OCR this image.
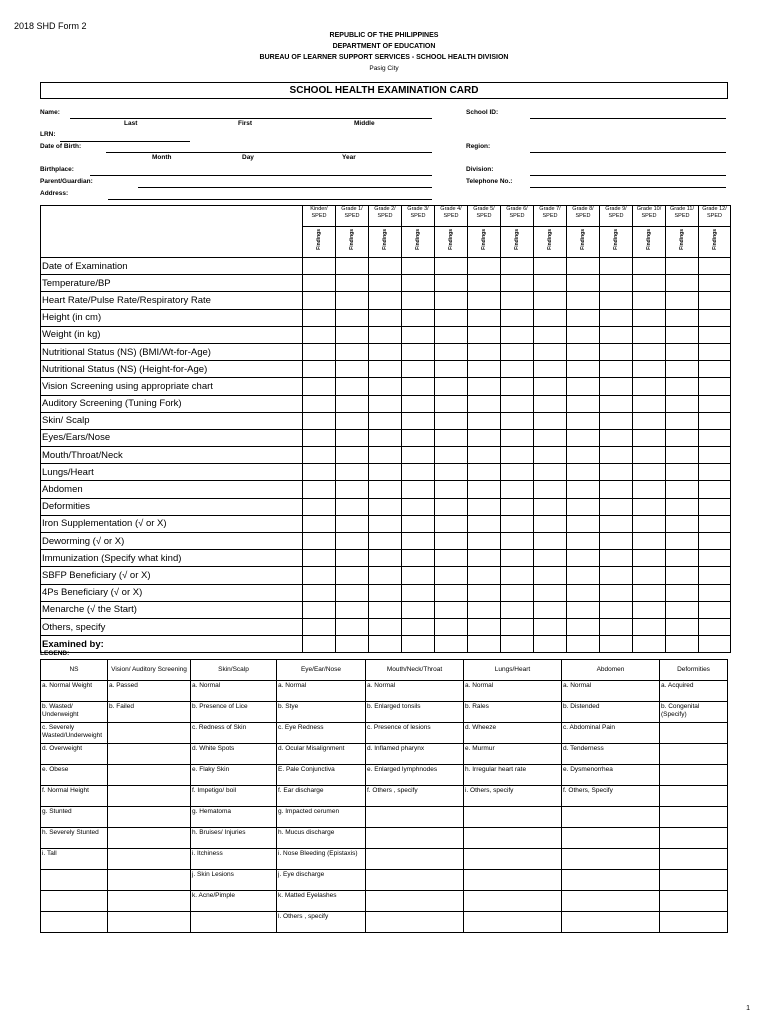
2018 SHD Form 2
REPUBLIC OF THE PHILIPPINES
DEPARTMENT OF EDUCATION
BUREAU OF LEARNER SUPPORT SERVICES - SCHOOL HEALTH DIVISION
Pasig City
SCHOOL HEALTH EXAMINATION CARD
Name:
Last	First	Middle
LRN:
Date of Birth:
Month	Day	Year
Birthplace:
Parent/Guardian:
Address:
School ID:
Region:
Division:
Telephone No.:
	Kinder/ SPED	Grade 1/ SPED	Grade 2/ SPED	Grade 3/ SPED	Grade 4/ SPED	Grade 5/ SPED	Grade 6/ SPED	Grade 7/ SPED	Grade 8/ SPED	Grade 9/ SPED	Grade 10/ SPED	Grade 11/ SPED	Grade 12/ SPED
	Findings	Findings	Findings	Findings	Findings	Findings	Findings	Findings	Findings	Findings	Findings	Findings	Findings
Date of Examination													
Temperature/BP													
Heart Rate/Pulse Rate/Respiratory Rate													
Height (in cm)													
Weight (in kg)													
Nutritional Status (NS) (BMI/Wt-for-Age)													
Nutritional Status (NS) (Height-for-Age)													
Vision Screening using appropriate chart													
Auditory Screening (Tuning Fork)													
Skin/ Scalp													
Eyes/Ears/Nose													
Mouth/Throat/Neck													
Lungs/Heart													
Abdomen													
Deformities													
Iron Supplementation (√ or X)													
Deworming (√ or X)													
Immunization (Specify what kind)													
SBFP Beneficiary (√ or X)													
4Ps Beneficiary (√ or X)													
Menarche (√ the Start)													
Others, specify													
Examined by:													
LEGEND:
NS	Vision/ Auditory Screening	Skin/Scalp	Eye/Ear/Nose	Mouth/Neck/Throat	Lungs/Heart	Abdomen	Deformities
a. Normal Weight	a. Passed	a. Normal	a. Normal	a. Normal	a. Normal	a. Normal	a. Acquired
b. Wasted/ Underweight	b. Failed	b. Presence of Lice	b. Stye	b. Enlarged tonsils	b. Rales	b. Distended	b. Congenital (Specify)
c. Severely Wasted/Underweight		c. Redness of Skin	c. Eye Redness	c. Presence of lesions	d. Wheeze	c. Abdominal Pain	
d. Overweight		d. White Spots	d. Ocular Misalignment	d. Inflamed pharynx	e. Murmur	d. Tenderness	
e. Obese		e. Flaky Skin	E. Pale Conjunctiva	e. Enlarged lymphnodes	h. Irregular heart rate	e. Dysmenorrhea	
f. Normal Height		f. Impetigo/ boil	f. Ear discharge	f. Others , specify	i. Others, specify	f. Others, Specify	
g. Stunted		g. Hematoma	g. Impacted cerumen				
h. Severely Stunted		h. Bruises/ Injuries	h. Mucus discharge				
i. Tall		i. Itchiness	i. Nose Bleeding (Epistaxis)				
		j. Skin Lesions	j. Eye discharge				
		k. Acne/Pimple	k. Matted Eyelashes				
			l. Others , specify				
1
